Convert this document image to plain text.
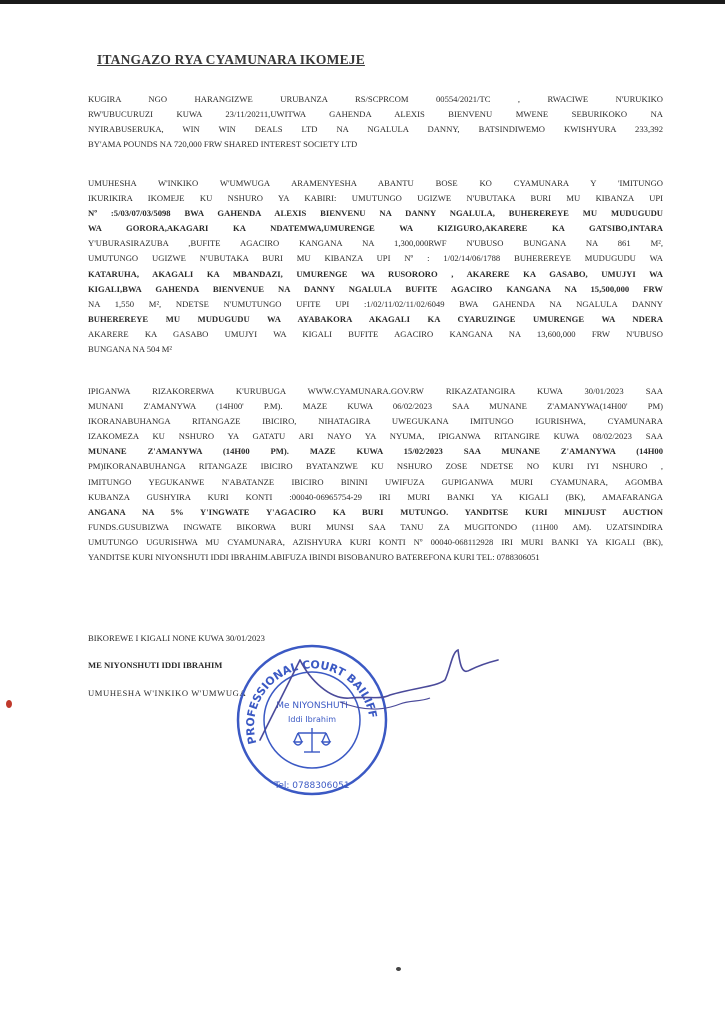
ITANGAZO RYA CYAMUNARA IKOMEJE
KUGIRA NGO HARANGIZWE URUBANZA RS/SCPRCOM 00554/2021/TC , RWACIWE N'URUKIKO
RW'UBUCURUZI KUWA 23/11/20211,UWITWA GAHENDA ALEXIS BIENVENU MWENE SEBURIKOKO NA
NYIRABUSERUKA, WIN WIN DEALS LTD NA NGALULA DANNY, BATSINDIWEMO KWISHYURA 233,392
BY'AMA POUNDS NA 720,000 FRW SHARED INTEREST SOCIETY LTD
UMUHESHA W'INKIKO W'UMWUGA ARAMENYESHA ABANTU BOSE KO CYAMUNARA Y 'IMITUNGO
IKURIKIRA IKOMEJE KU NSHURO YA KABIRI: UMUTUNGO UGIZWE N'UBUTAKA BURI MU KIBANZA UPI
Nº :5/03/07/03/5098 BWA GAHENDA ALEXIS BIENVENU NA DANNY NGALULA, BUHEREREYE MU MUDUGUDU
WA GORORA,AKAGARI KA NDATEMWA,UMURENGE WA KIZIGURO,AKARERE KA GATSIBO,INTARA
Y'UBURASIRAZUBA ,BUFITE AGACIRO KANGANA NA 1,300,000RWF N'UBUSO BUNGANA NA 861 M²,
UMUTUNGO UGIZWE N'UBUTAKA BURI MU KIBANZA UPI Nº : 1/02/14/06/1788 BUHEREREYE MUDUGUDU WA
KATARUHA, AKAGALI KA MBANDAZI, UMURENGE WA RUSORORO , AKARERE KA GASABO, UMUJYI WA
KIGALI,BWA GAHENDA BIENVENUE NA DANNY NGALULA BUFITE AGACIRO KANGANA NA 15,500,000 FRW
NA 1,550 M², NDETSE N'UMUTUNGO UFITE UPI :1/02/11/02/11/02/6049 BWA GAHENDA NA NGALULA DANNY
BUHEREREYE MU MUDUGUDU WA AYABAKORA AKAGALI KA CYARUZINGE UMURENGE WA NDERA
AKARERE KA GASABO UMUJYI WA KIGALI BUFITE AGACIRO KANGANA NA 13,600,000 FRW N'UBUSO
BUNGANA NA 504 M²
IPIGANWA RIZAKORERWA K'URUBUGA WWW.CYAMUNARA.GOV.RW RIKAZATANGIRA KUWA 30/01/2023 SAA
MUNANI Z'AMANYWA (14H00' P.M). MAZE KUWA 06/02/2023 SAA MUNANE Z'AMANYWA(14H00' PM)
IKORANABUHANGA RITANGAZE IBICIRO, NIHATAGIRA UWEGUKANA IMITUNGO IGURISHWA, CYAMUNARA
IZAKOMEZA KU NSHURO YA GATATU ARI NAYO YA NYUMA, IPIGANWA RITANGIRE KUWA 08/02/2023 SAA
MUNANE Z'AMANYWA (14H00 PM). MAZE KUWA 15/02/2023 SAA MUNANE Z'AMANYWA (14H00
PM)IKORANABUHANGA RITANGAZE IBICIRO BYATANZWE KU NSHURO ZOSE NDETSE NO KURI IYI NSHURO ,
IMITUNGO YEGUKANWE N'ABATANZE IBICIRO BININI UWIFUZA GUPIGANWA MURI CYAMUNARA, AGOMBA
KUBANZA GUSHYIRA KURI KONTI :00040-06965754-29 IRI MURI BANKI YA KIGALI (BK), AMAFARANGA
ANGANA NA 5% Y'INGWATE Y'AGACIRO KA BURI MUTUNGO. YANDITSE KURI MINIJUST AUCTION
FUNDS.GUSUBIZWA INGWATE BIKORWA BURI MUNSI SAA TANU ZA MUGITONDO (11H00 AM). UZATSINDIRA
UMUTUNGO UGURISHWA MU CYAMUNARA, AZISHYURA KURI KONTI Nº 00040-068112928 IRI MURI BANKI YA KIGALI (BK),
YANDITSE KURI NIYONSHUTI IDDI IBRAHIM.ABIFUZA IBINDI BISOBANURO BATEREFONA KURI TEL: 0788306051
BIKOREWE I KIGALI NONE KUWA 30/01/2023
ME NIYONSHUTI IDDI IBRAHIM
UMUHESHA W'INKIKO W'UMWUGA
PROFESSIONAL COURT BAILIFF
Me NIYONSHUTI
Iddi Ibrahim
Tel: 0788306051
